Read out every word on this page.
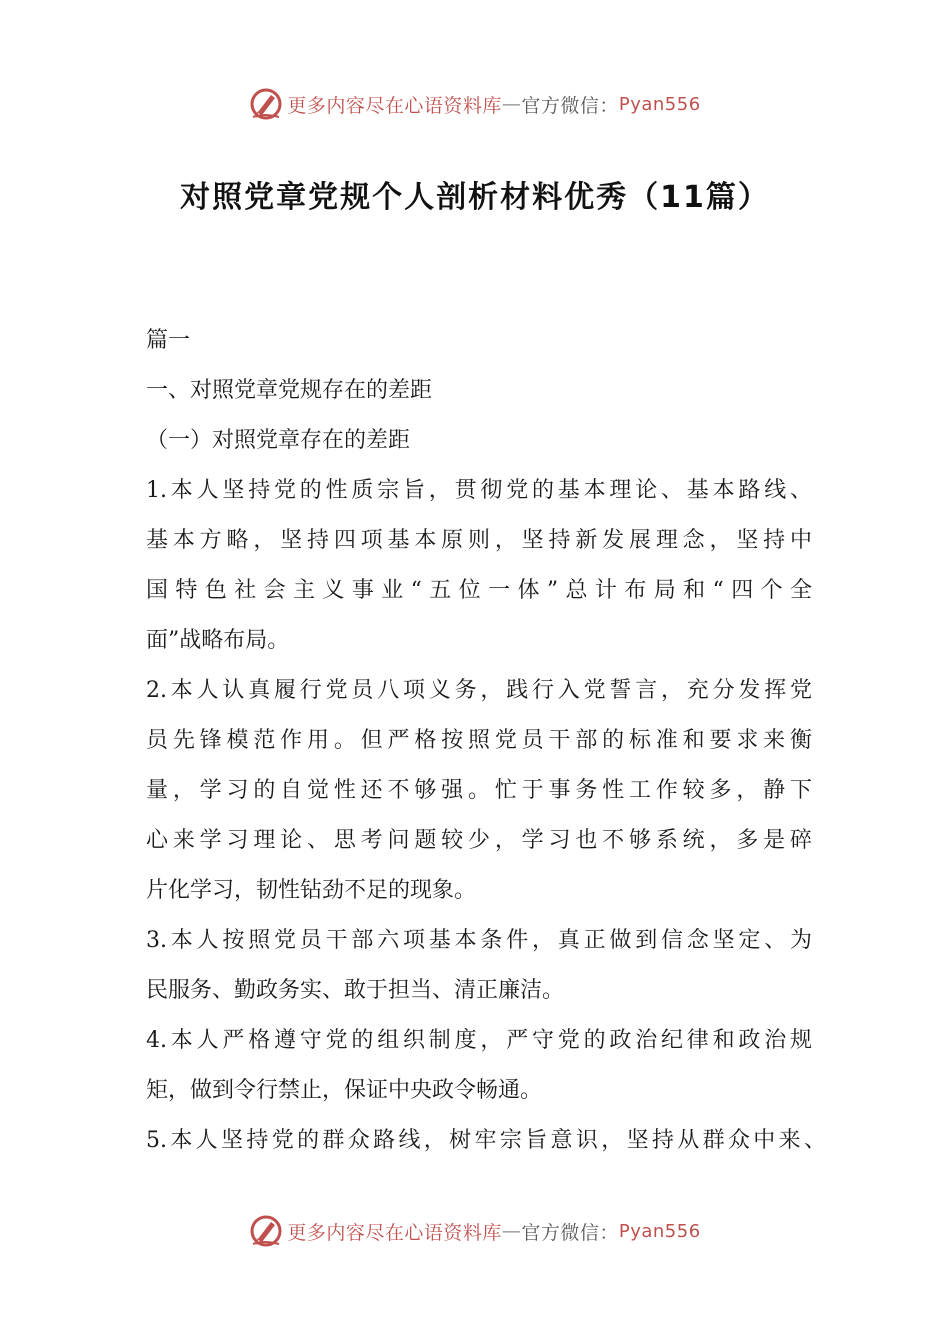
更多内容尽在心语资料库 — 官方微信： Pyan556
对照党章党规个人剖析材料优秀（11篇）
篇一
一、对照党章党规存在的差距
（一）对照党章存在的差距
1.本人坚持党的性质宗旨，贯彻党的基本理论、基本路线、
基本方略，坚持四项基本原则，坚持新发展理念，坚持中
国特色社会主义事业“五位一体”总计布局和“四个全
面”战略布局。
2.本人认真履行党员八项义务，践行入党誓言，充分发挥党
员先锋模范作用。但严格按照党员干部的标准和要求来衡
量，学习的自觉性还不够强。忙于事务性工作较多，静下
心来学习理论、思考问题较少，学习也不够系统，多是碎
片化学习，韧性钻劲不足的现象。
3.本人按照党员干部六项基本条件，真正做到信念坚定、为
民服务、勤政务实、敢于担当、清正廉洁。
4.本人严格遵守党的组织制度，严守党的政治纪律和政治规
矩，做到令行禁止，保证中央政令畅通。
5.本人坚持党的群众路线，树牢宗旨意识，坚持从群众中来、
更多内容尽在心语资料库 — 官方微信： Pyan556
